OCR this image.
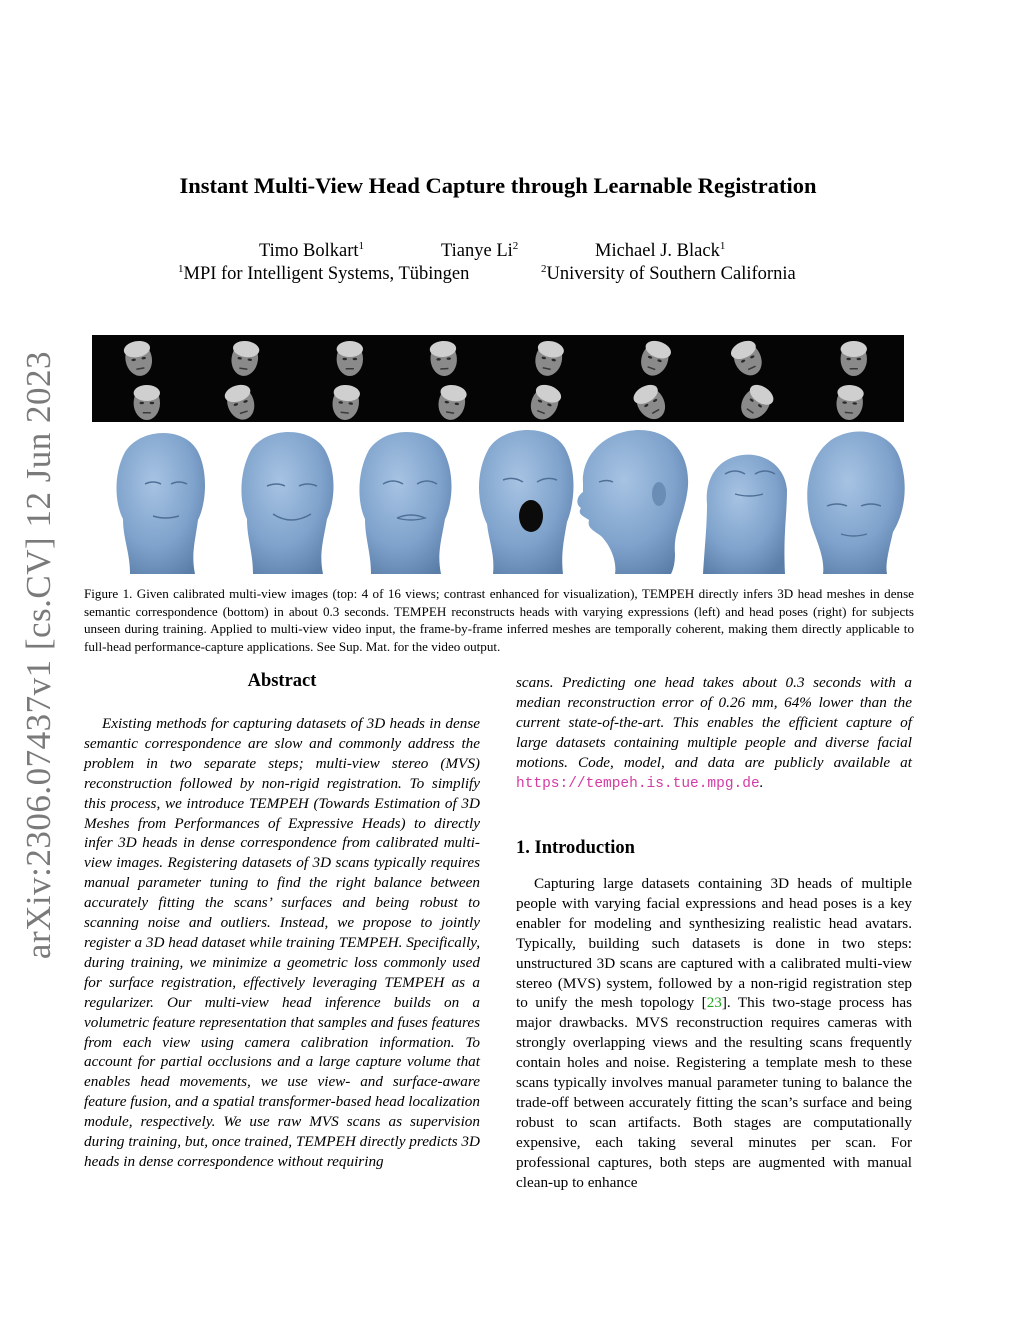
arXiv:2306.07437v1 [cs.CV] 12 Jun 2023
Instant Multi-View Head Capture through Learnable Registration
Timo Bolkart$^1$	Tianye Li$^2$	Michael J. Black$^1$
$^1$MPI for Intelligent Systems, Tübingen	$^2$University of Southern California
Figure 1. Given calibrated multi-view images (top: 4 of 16 views; contrast enhanced for visualization), TEMPEH directly infers 3D head meshes in dense semantic correspondence (bottom) in about 0.3 seconds. TEMPEH reconstructs heads with varying expressions (left) and head poses (right) for subjects unseen during training. Applied to multi-view video input, the frame-by-frame inferred meshes are temporally coherent, making them directly applicable to full-head performance-capture applications. See Sup. Mat. for the video output.
Abstract
Existing methods for capturing datasets of 3D heads in dense semantic correspondence are slow and commonly address the problem in two separate steps; multi-view stereo (MVS) reconstruction followed by non-rigid registration. To simplify this process, we introduce TEMPEH (Towards Estimation of 3D Meshes from Performances of Expressive Heads) to directly infer 3D heads in dense correspondence from calibrated multi-view images. Registering datasets of 3D scans typically requires manual parameter tuning to find the right balance between accurately fitting the scans’ surfaces and being robust to scanning noise and outliers. Instead, we propose to jointly register a 3D head dataset while training TEMPEH. Specifically, during training, we minimize a geometric loss commonly used for surface registration, effectively leveraging TEMPEH as a regularizer. Our multi-view head inference builds on a volumetric feature representation that samples and fuses features from each view using camera calibration information. To account for partial occlusions and a large capture volume that enables head movements, we use view- and surface-aware feature fusion, and a spatial transformer-based head localization module, respectively. We use raw MVS scans as supervision during training, but, once trained, TEMPEH directly predicts 3D heads in dense correspondence without requiring
scans. Predicting one head takes about 0.3 seconds with a median reconstruction error of 0.26 mm, 64% lower than the current state-of-the-art. This enables the efficient capture of large datasets containing multiple people and diverse facial motions. Code, model, and data are publicly available at https://tempeh.is.tue.mpg.de.
1. Introduction
Capturing large datasets containing 3D heads of multiple people with varying facial expressions and head poses is a key enabler for modeling and synthesizing realistic head avatars. Typically, building such datasets is done in two steps: unstructured 3D scans are captured with a calibrated multi-view stereo (MVS) system, followed by a non-rigid registration step to unify the mesh topology [23]. This two-stage process has major drawbacks. MVS reconstruction requires cameras with strongly overlapping views and the resulting scans frequently contain holes and noise. Registering a template mesh to these scans typically involves manual parameter tuning to balance the trade-off between accurately fitting the scan’s surface and being robust to scan artifacts. Both stages are computationally expensive, each taking several minutes per scan. For professional captures, both steps are augmented with manual clean-up to enhance
